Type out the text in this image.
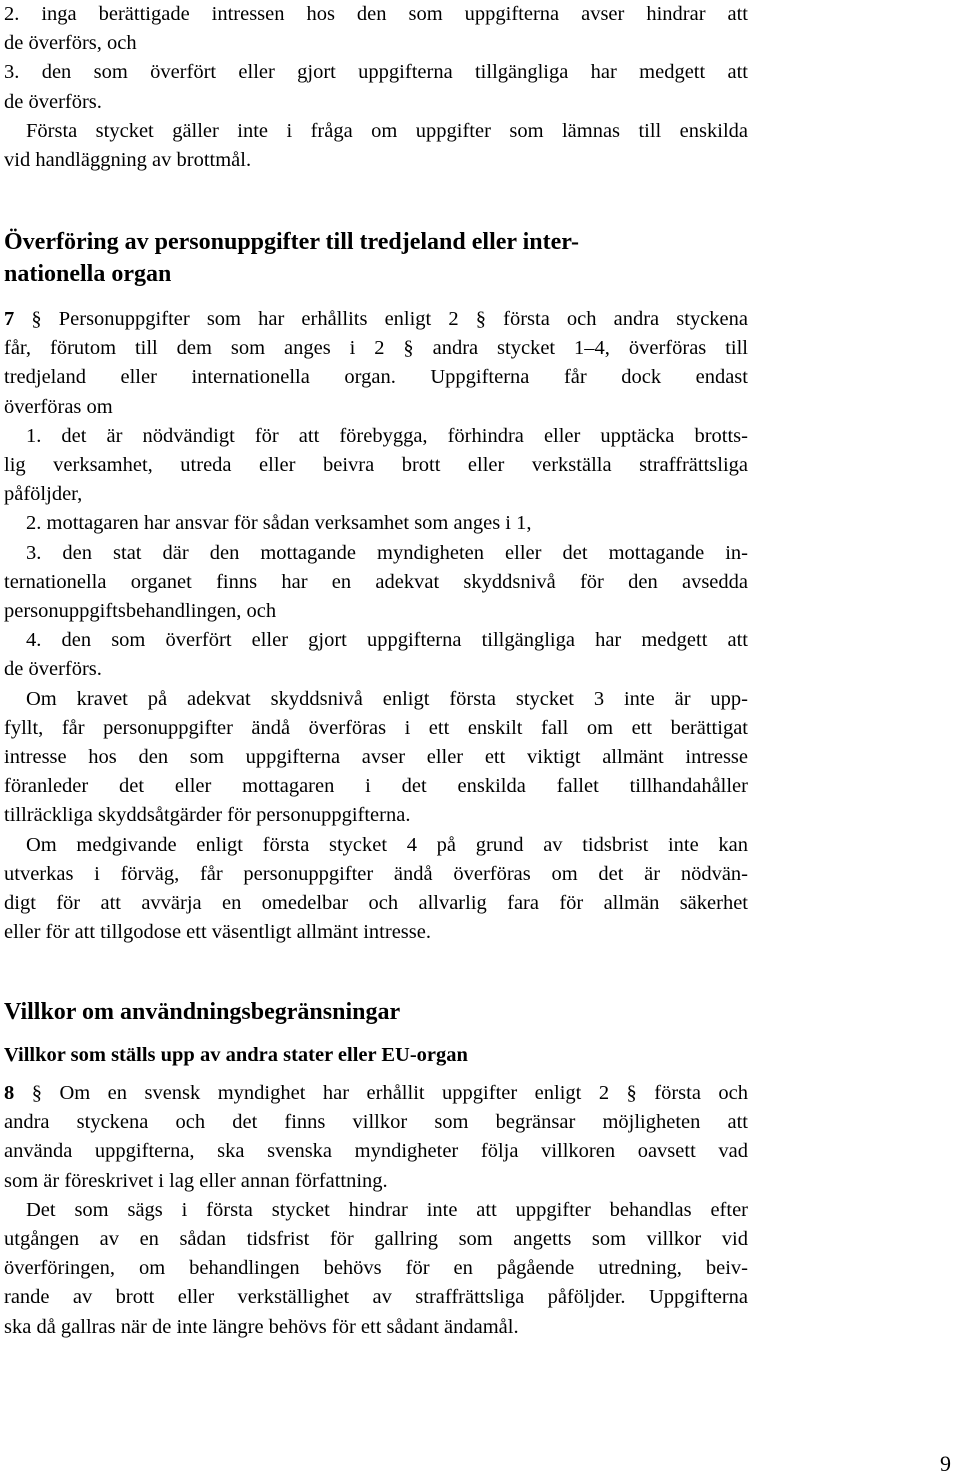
2. inga berättigade intressen hos den som uppgifterna avser hindrar att
de överförs, och
3. den som överfört eller gjort uppgifterna tillgängliga har medgett att
de överförs.
Första stycket gäller inte i fråga om uppgifter som lämnas till enskilda
vid handläggning av brottmål.
Överföring av personuppgifter till tredjeland eller inter-
nationella organ
7 § Personuppgifter som har erhållits enligt 2 § första och andra styckena
får, förutom till dem som anges i 2 § andra stycket 1–4, överföras till
tredjeland eller internationella organ. Uppgifterna får dock endast
överföras om
1. det är nödvändigt för att förebygga, förhindra eller upptäcka brotts-
lig verksamhet, utreda eller beivra brott eller verkställa straffrättsliga
påföljder,
2. mottagaren har ansvar för sådan verksamhet som anges i 1,
3. den stat där den mottagande myndigheten eller det mottagande in-
ternationella organet finns har en adekvat skyddsnivå för den avsedda
personuppgiftsbehandlingen, och
4. den som överfört eller gjort uppgifterna tillgängliga har medgett att
de överförs.
Om kravet på adekvat skyddsnivå enligt första stycket 3 inte är upp-
fyllt, får personuppgifter ändå överföras i ett enskilt fall om ett berättigat
intresse hos den som uppgifterna avser eller ett viktigt allmänt intresse
föranleder det eller mottagaren i det enskilda fallet tillhandahåller
tillräckliga skyddsåtgärder för personuppgifterna.
Om medgivande enligt första stycket 4 på grund av tidsbrist inte kan
utverkas i förväg, får personuppgifter ändå överföras om det är nödvän-
digt för att avvärja en omedelbar och allvarlig fara för allmän säkerhet
eller för att tillgodose ett väsentligt allmänt intresse.
Villkor om användningsbegränsningar
Villkor som ställs upp av andra stater eller EU-organ
8 § Om en svensk myndighet har erhållit uppgifter enligt 2 § första och
andra styckena och det finns villkor som begränsar möjligheten att
använda uppgifterna, ska svenska myndigheter följa villkoren oavsett vad
som är föreskrivet i lag eller annan författning.
Det som sägs i första stycket hindrar inte att uppgifter behandlas efter
utgången av en sådan tidsfrist för gallring som angetts som villkor vid
överföringen, om behandlingen behövs för en pågående utredning, beiv-
rande av brott eller verkställighet av straffrättsliga påföljder. Uppgifterna
ska då gallras när de inte längre behövs för ett sådant ändamål.
9
